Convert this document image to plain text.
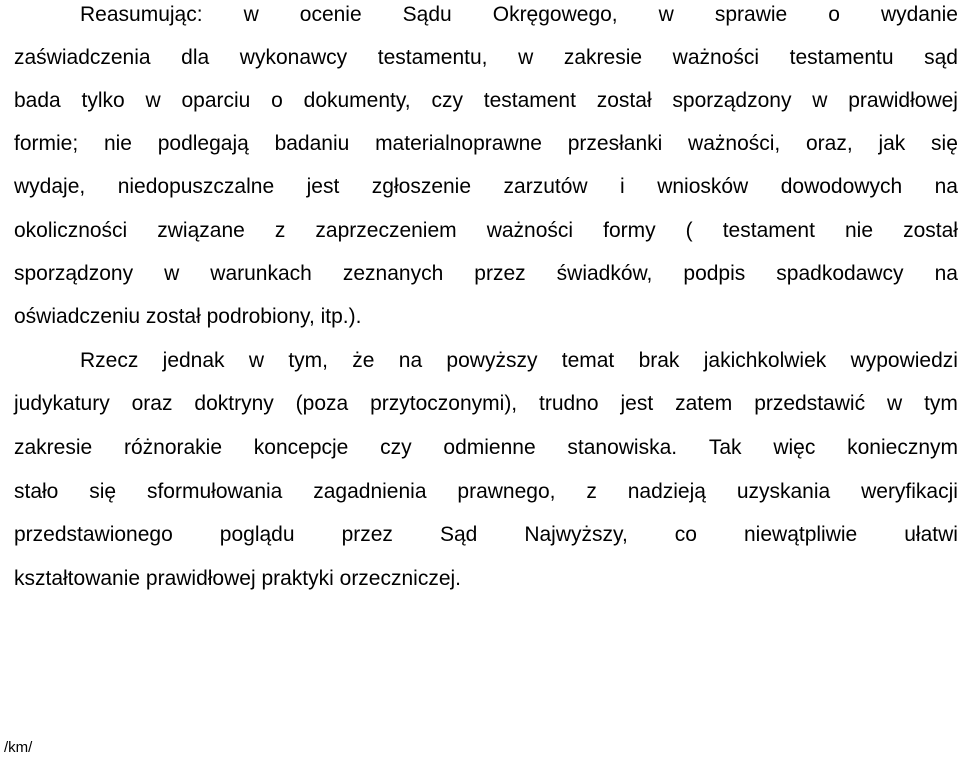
Reasumując: w ocenie Sądu Okręgowego, w sprawie o wydanie
zaświadczenia dla wykonawcy testamentu, w zakresie ważności testamentu sąd
bada tylko w oparciu o dokumenty, czy testament został sporządzony w prawidłowej
formie; nie podlegają badaniu materialnoprawne przesłanki ważności, oraz, jak się
wydaje, niedopuszczalne jest zgłoszenie zarzutów i wniosków dowodowych na
okoliczności związane z zaprzeczeniem ważności formy ( testament nie został
sporządzony w warunkach zeznanych przez świadków, podpis spadkodawcy na
oświadczeniu został podrobiony, itp.).
Rzecz jednak w tym, że na powyższy temat brak jakichkolwiek wypowiedzi
judykatury oraz doktryny (poza przytoczonymi), trudno jest zatem przedstawić w tym
zakresie różnorakie koncepcje czy odmienne stanowiska. Tak więc koniecznym
stało się sformułowania zagadnienia prawnego, z nadzieją uzyskania weryfikacji
przedstawionego poglądu przez Sąd Najwyższy, co niewątpliwie ułatwi
kształtowanie prawidłowej praktyki orzeczniczej.
/km/
